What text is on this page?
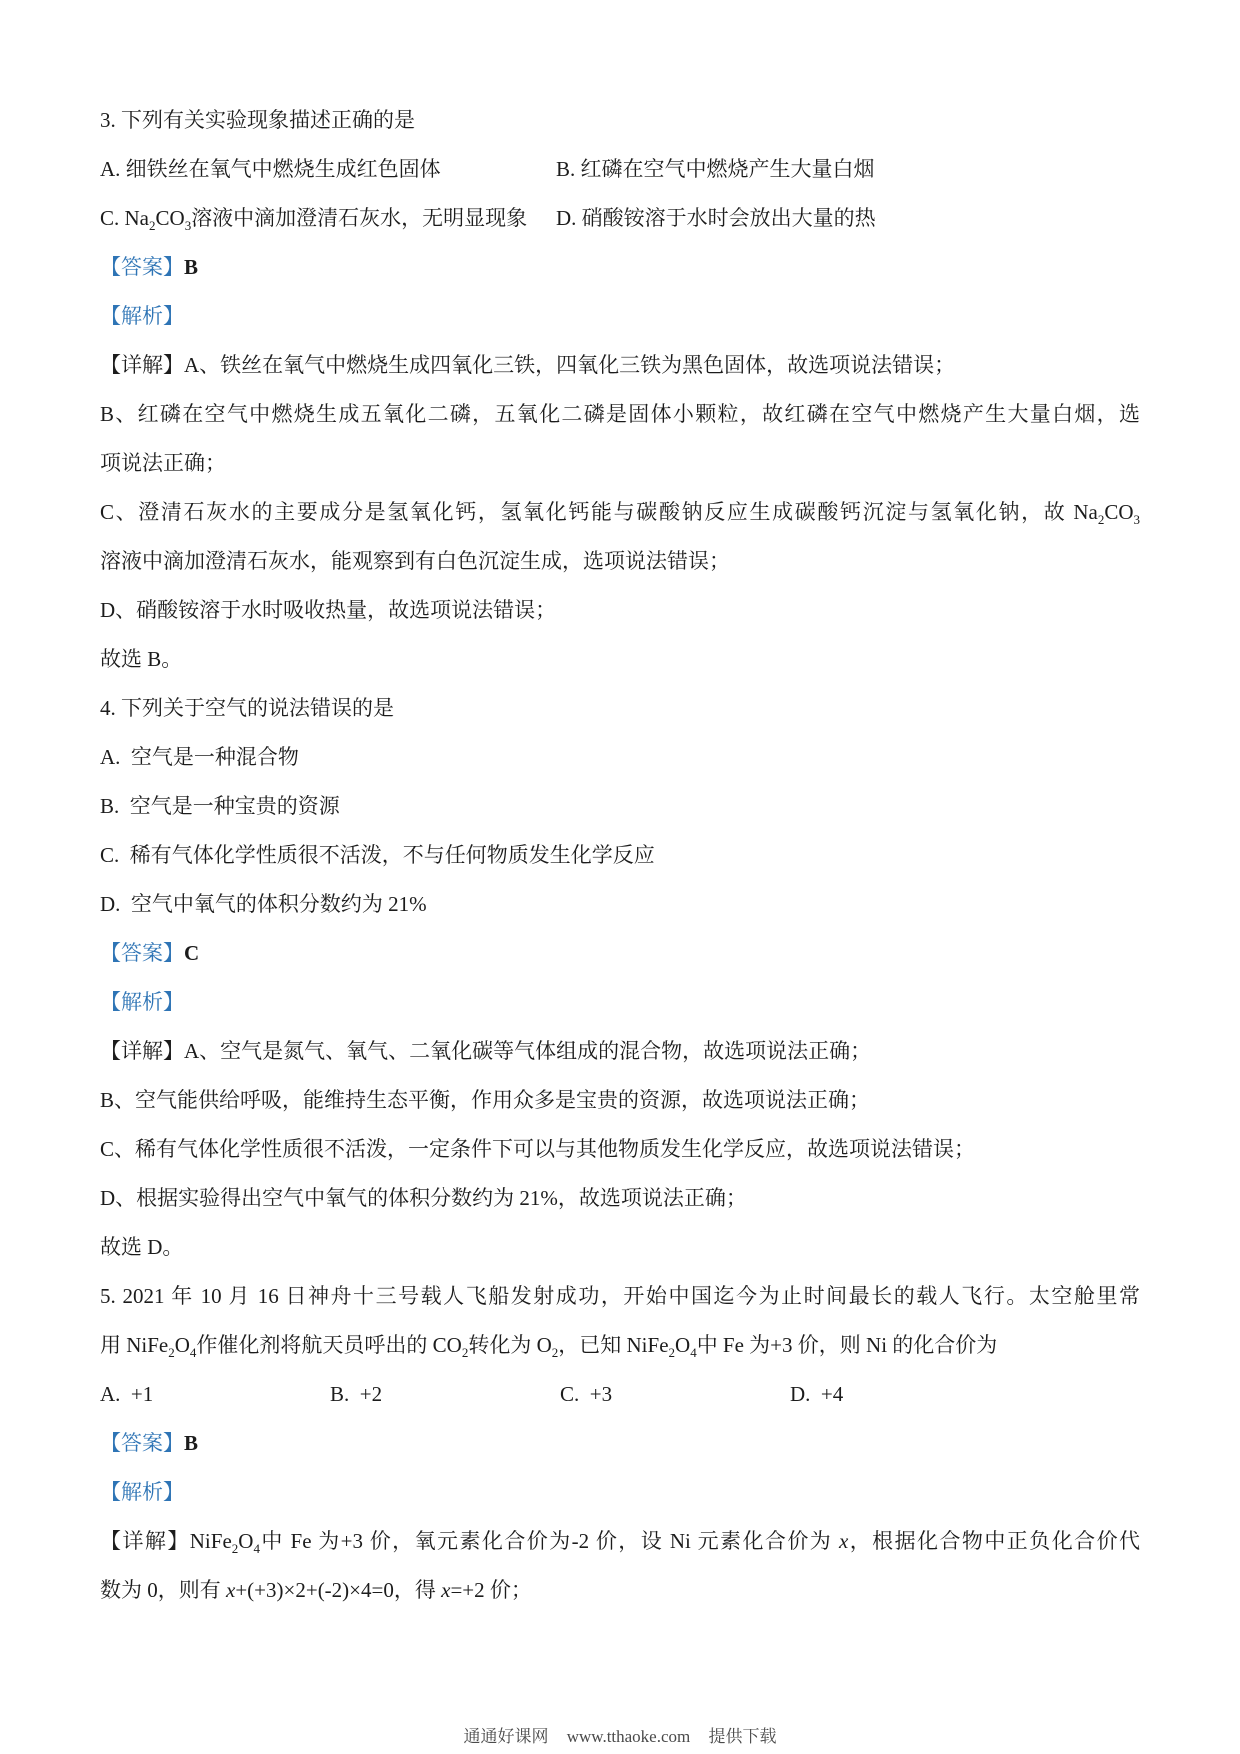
3. 下列有关实验现象描述正确的是
A. 细铁丝在氧气中燃烧生成红色固体	B. 红磷在空气中燃烧产生大量白烟
C. $Na_2CO_3$溶液中滴加澄清石灰水，无明显现象 D. 硝酸铵溶于水时会放出大量的热
【答案】B
【解析】
【详解】A、铁丝在氧气中燃烧生成四氧化三铁，四氧化三铁为黑色固体，故选项说法错误；
B、红磷在空气中燃烧生成五氧化二磷，五氧化二磷是固体小颗粒，故红磷在空气中燃烧产生大量白烟，选
项说法正确；
C、澄清石灰水的主要成分是氢氧化钙，氢氧化钙能与碳酸钠反应生成碳酸钙沉淀与氢氧化钠，故 $Na_2CO_3$
溶液中滴加澄清石灰水，能观察到有白色沉淀生成，选项说法错误；
D、硝酸铵溶于水时吸收热量，故选项说法错误；
故选 B。
4. 下列关于空气的说法错误的是
A.  空气是一种混合物
B.  空气是一种宝贵的资源
C.  稀有气体化学性质很不活泼，不与任何物质发生化学反应
D.  空气中氧气的体积分数约为 21%
【答案】C
【解析】
【详解】A、空气是氮气、氧气、二氧化碳等气体组成的混合物，故选项说法正确；
B、空气能供给呼吸，能维持生态平衡，作用众多是宝贵的资源，故选项说法正确；
C、稀有气体化学性质很不活泼，一定条件下可以与其他物质发生化学反应，故选项说法错误；
D、根据实验得出空气中氧气的体积分数约为 21%，故选项说法正确；
故选 D。
5. 2021 年 10 月 16 日神舟十三号载人飞船发射成功，开始中国迄今为止时间最长的载人飞行。太空舱里常
用 $NiFe_2O_4$作催化剂将航天员呼出的 $CO_2$转化为 $O_2$，已知 $NiFe_2O_4$中 Fe 为+3 价，则 Ni 的化合价为
A.  +1	B.  +2	C.  +3	D.  +4
【答案】B
【解析】
【详解】$NiFe_2O_4$中 Fe 为+3 价，氧元素化合价为-2 价，设 Ni 元素化合价为 x，根据化合物中正负化合价代
数为 0，则有 x+(+3)×2+(-2)×4=0，得 x=+2 价；
通通好课网 www.tthaoke.com 提供下载
